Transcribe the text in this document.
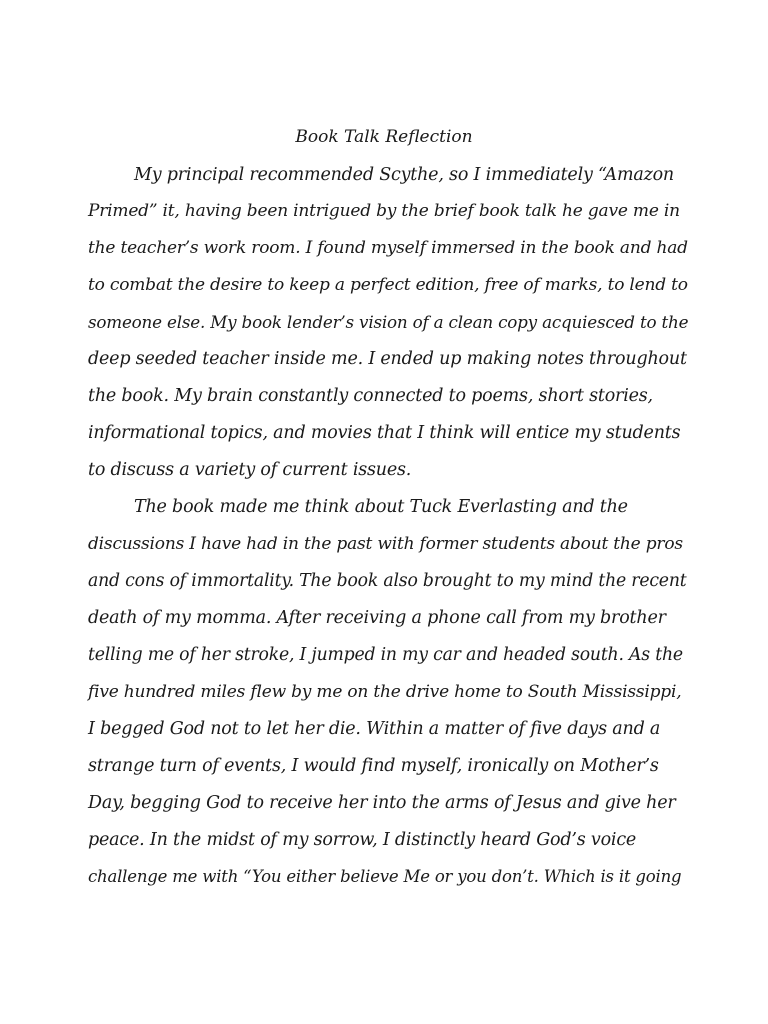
Book Talk Reflection
My principal recommended Scythe, so I immediately “Amazon
Primed” it, having been intrigued by the brief book talk he gave me in
the teacher’s work room. I found myself immersed in the book and had
to combat the desire to keep a perfect edition, free of marks, to lend to
someone else. My book lender’s vision of a clean copy acquiesced to the
deep seeded teacher inside me. I ended up making notes throughout
the book. My brain constantly connected to poems, short stories,
informational topics, and movies that I think will entice my students
to discuss a variety of current issues.
The book made me think about Tuck Everlasting and the
discussions I have had in the past with former students about the pros
and cons of immortality. The book also brought to my mind the recent
death of my momma. After receiving a phone call from my brother
telling me of her stroke, I jumped in my car and headed south. As the
five hundred miles flew by me on the drive home to South Mississippi,
I begged God not to let her die. Within a matter of five days and a
strange turn of events, I would find myself, ironically on Mother’s
Day, begging God to receive her into the arms of Jesus and give her
peace. In the midst of my sorrow, I distinctly heard God’s voice
challenge me with “You either believe Me or you don’t. Which is it going
